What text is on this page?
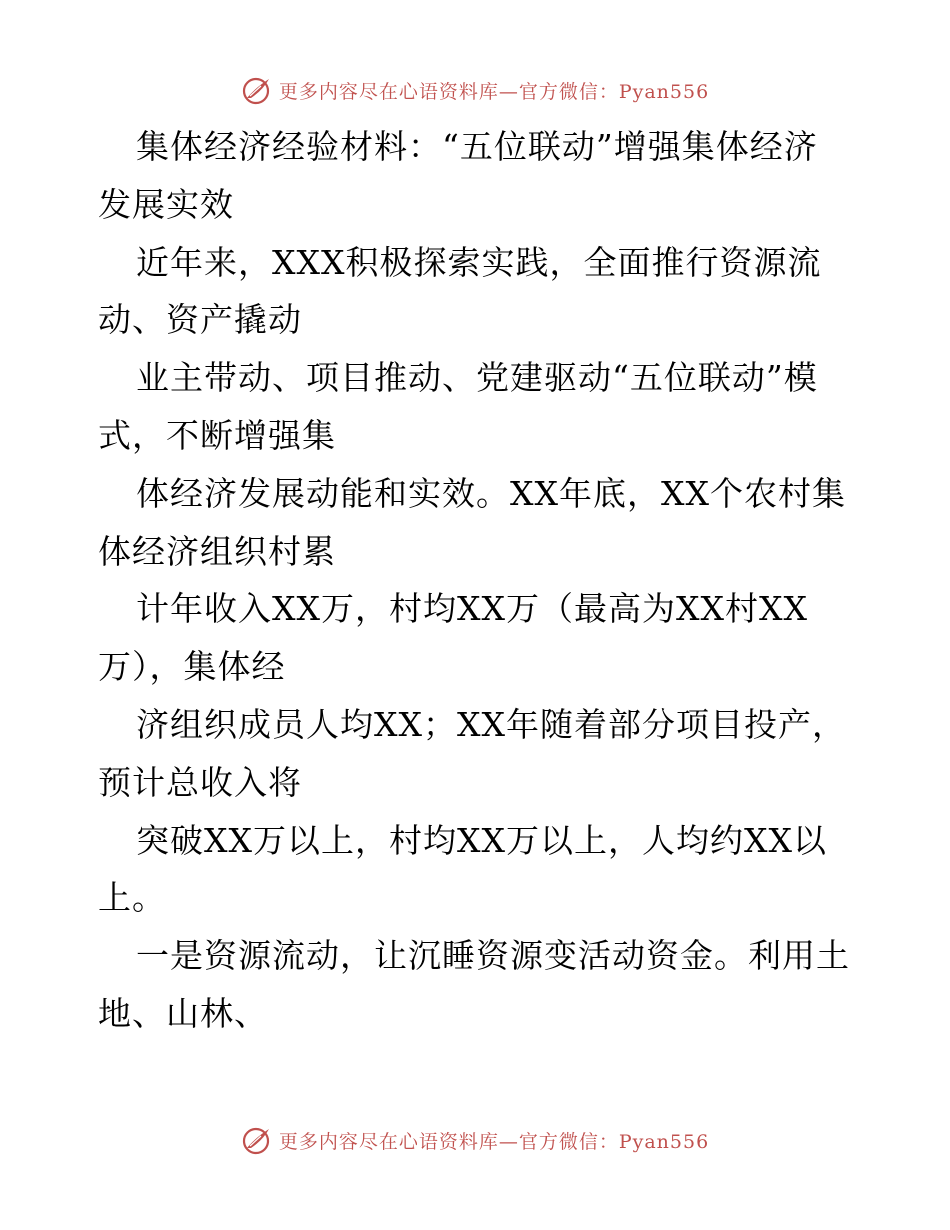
更多内容尽在心语资料库—官方微信：Pyan556
集体经济经验材料：“五位联动”增强集体经济
发展实效
近年来，XXX积极探索实践，全面推行资源流
动、资产撬动
业主带动、项目推动、党建驱动“五位联动”模
式，不断增强集
体经济发展动能和实效。XX年底，XX个农村集
体经济组织村累
计年收入XX万，村均XX万（最高为XX村XX
万），集体经
济组织成员人均XX；XX年随着部分项目投产，
预计总收入将
突破XX万以上，村均XX万以上，人均约XX以
上。
一是资源流动，让沉睡资源变活动资金。利用土
地、山林、
更多内容尽在心语资料库—官方微信：Pyan556
